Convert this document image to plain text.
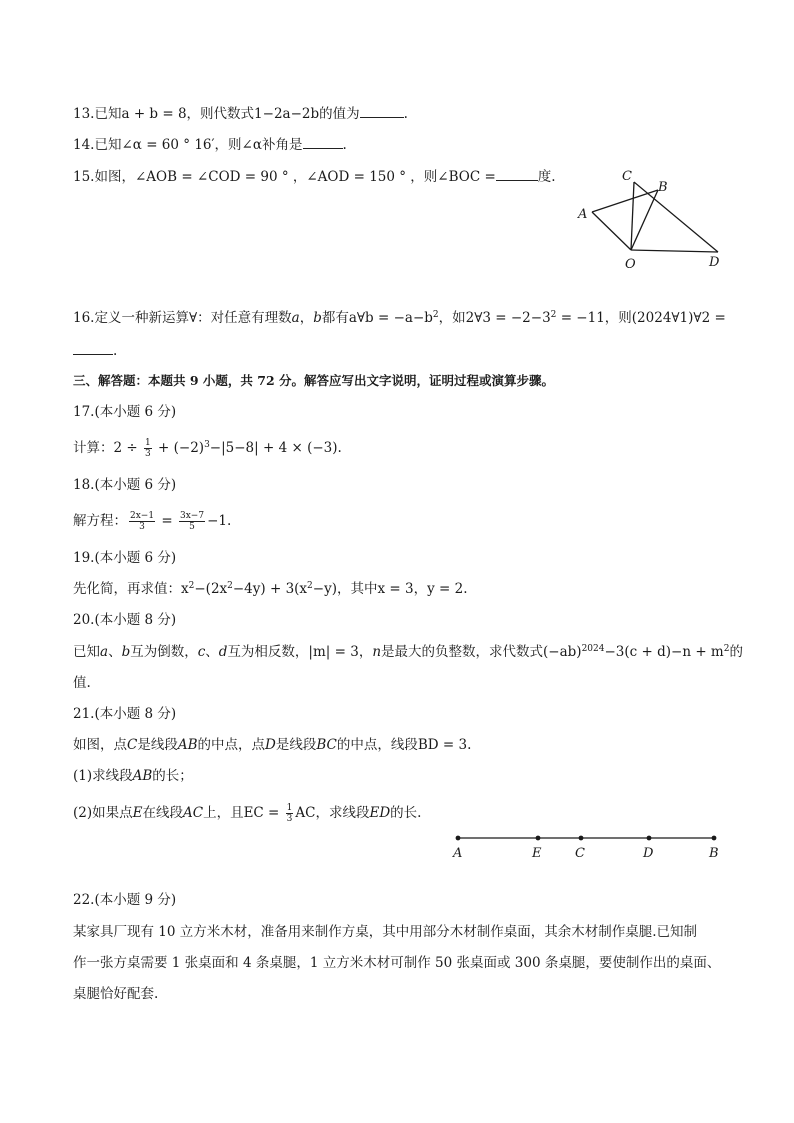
13.已知a + b = 8，则代数式1−2a−2b的值为	.
14.已知∠α = 60 ° 16′，则∠α补角是	.
15.如图，∠AOB = ∠COD = 90 ° ，∠AOD = 150 ° ，则∠BOC =	度.	C
B
A
O	D
16.定义一种新运算∀：对任意有理数a，b都有a∀b = $-a-b^2$，如2∀3 = $-2-3^2 = -11$，则(2024∀1)∀2 =
.
三、解答题：本题共 9 小题，共 72 分。解答应写出文字说明，证明过程或演算步骤。
17.(本小题 6 分)
计算：$2 \div \frac{1}{3} + (-2)^3-|5-8| + 4 \times (-3)$.
18.(本小题 6 分)
解方程： $\frac{2x-1}{3} = \frac{3x-7}{5} -1$.
19.(本小题 6 分)
先化简，再求值：$x^2-(2x^2-4y) + 3(x^2-y)$，其中x = 3，y = 2.
20.(本小题 8 分)
已知a、b互为倒数，c、d互为相反数，|m| = 3，n是最大的负整数，求代数式$(-ab)^{2024}-3(c + d)-n + m^2$的
值.
21.(本小题 8 分)
如图，点C是线段AB的中点，点D是线段BC的中点，线段BD = 3.
(1)求线段AB的长；
(2)如果点E在线段AC上，且EC = $\frac{1}{3}$ AC，求线段ED的长.
A	E	C	D	B
22.(本小题 9 分)
某家具厂现有 10 立方米木材，准备用来制作方桌，其中用部分木材制作桌面，其余木材制作桌腿.已知制
作一张方桌需要 1 张桌面和 4 条桌腿，1 立方米木材可制作 50 张桌面或 300 条桌腿，要使制作出的桌面、
桌腿恰好配套.
